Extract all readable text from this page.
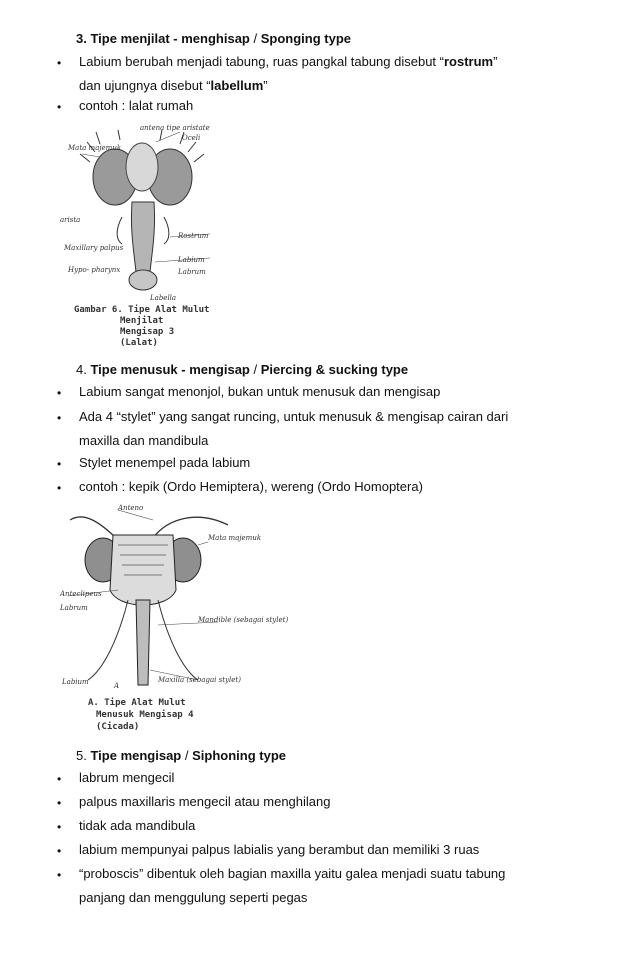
3. Tipe menjilat - menghisap / Sponging type
• Labium berubah menjadi tabung, ruas pangkal tabung disebut “rostrum”
dan ujungnya disebut “labellum”
• contoh : lalat rumah
antena tipe aristate
Oceli
Mata majemuk
arista
Rostrum
Maxillary palpus
Labium
Hypo- pharynx	Labrum
Labella
Gambar 6. Tipe Alat Mulut
Menjilat
Mengisap 3
(Lalat)
4. Tipe menusuk - mengisap / Piercing & sucking type
• Labium sangat menonjol, bukan untuk menusuk dan mengisap
• Ada 4 “stylet” yang sangat runcing, untuk menusuk & mengisap cairan dari
maxilla dan mandibula
• Stylet menempel pada labium
• contoh : kepik (Ordo Hemiptera), wereng (Ordo Homoptera)
Anteno
Mata majemuk
Anteclipeus
Labrum
Mandible (sebagai stylet)
Maxilla (sebagai stylet)
Labium	A
A. Tipe Alat Mulut
Menusuk Mengisap 4
(Cicada)
5. Tipe mengisap / Siphoning type
• labrum mengecil
• palpus maxillaris mengecil atau menghilang
• tidak ada mandibula
• labium mempunyai palpus labialis yang berambut dan memiliki 3 ruas
• “proboscis” dibentuk oleh bagian maxilla yaitu galea menjadi suatu tabung
panjang dan menggulung seperti pegas
